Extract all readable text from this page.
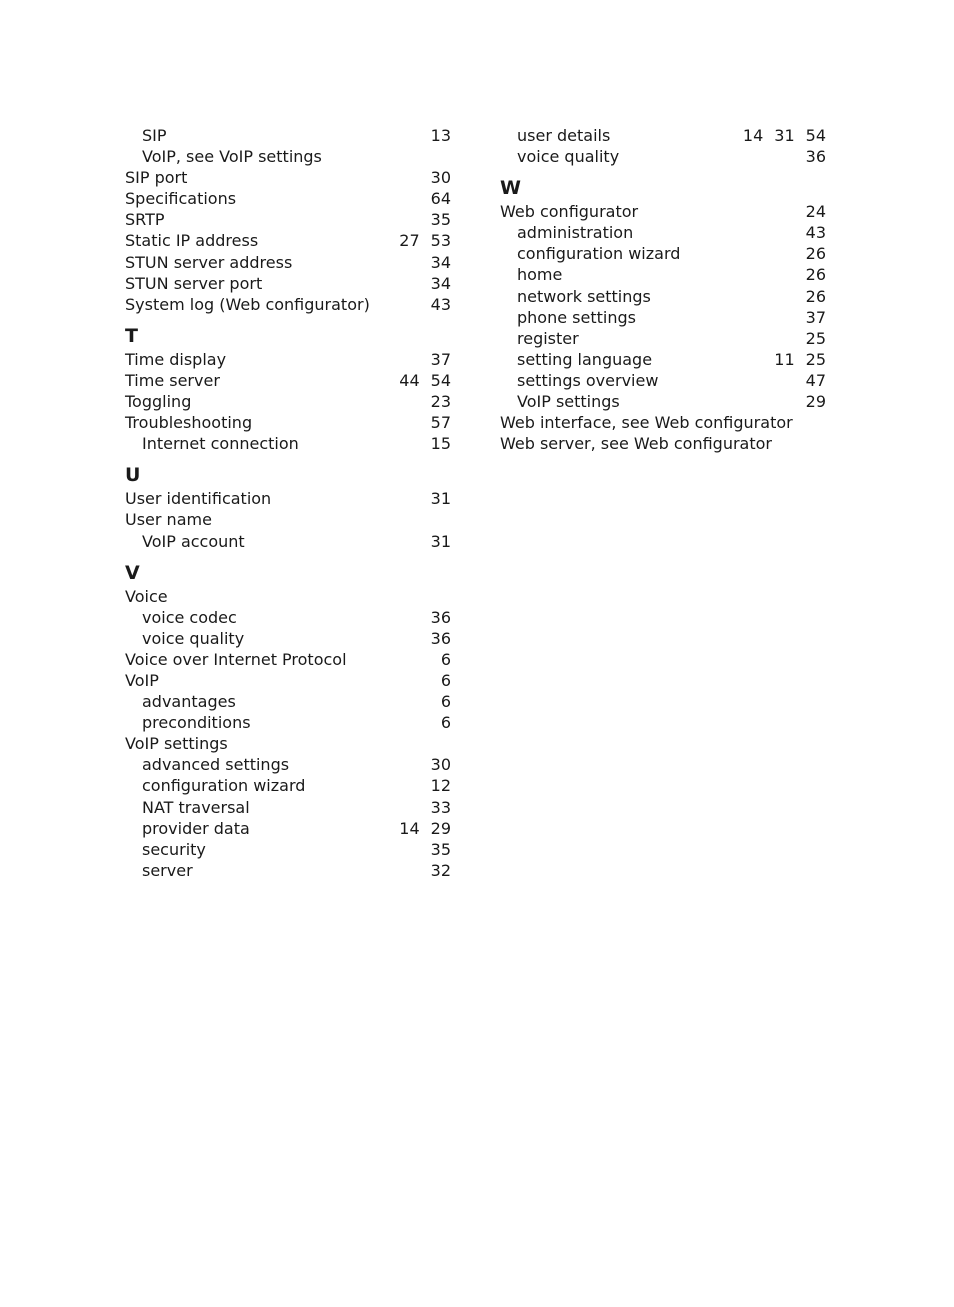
SIP	13
VoIP, see VoIP settings
SIP port	30
Specifications	64
SRTP	35
Static IP address	27 53
STUN server address	34
STUN server port	34
System log (Web configurator)	43
T
Time display	37
Time server	44 54
Toggling	23
Troubleshooting	57
Internet connection	15
U
User identification	31
User name
VoIP account	31
V
Voice
voice codec	36
voice quality	36
Voice over Internet Protocol	6
VoIP	6
advantages	6
preconditions	6
VoIP settings
advanced settings	30
configuration wizard	12
NAT traversal	33
provider data	14 29
security	35
server	32
user details	14 31 54
voice quality	36
W
Web configurator	24
administration	43
configuration wizard	26
home	26
network settings	26
phone settings	37
register	25
setting language	11 25
settings overview	47
VoIP settings	29
Web interface, see Web configurator
Web server, see Web configurator
